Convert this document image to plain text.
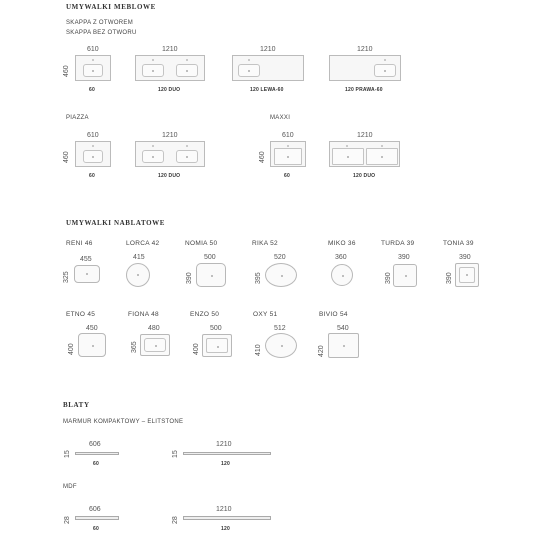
UMYWALKI MEBLOWE
SKAPPA Z OTWOREM
SKAPPA BEZ OTWORU
610
460
60
1210
120 DUO
1210
120 LEWA-60
1210
120 PRAWA-60
PIAZZA
610
460
60
1210
120 DUO
MAXXI
610
460
60
1210
120 DUO
UMYWALKI NABLATOWE
RENI 46
455
325
LORCA 42
415
NOMIA 50
500
390
RIKA 52
520
395
MIKO 36
360
TURDA 39
390
390
TONIA 39
390
390
ETNO 45
450
400
FIONA 48
480
365
ENZO 50
500
400
OXY 51
512
410
BIVIO 54
540
420
BLATY
MARMUR KOMPAKTOWY – ELITSTONE
606
15
60
1210
15
120
MDF
606
28
60
1210
28
120
